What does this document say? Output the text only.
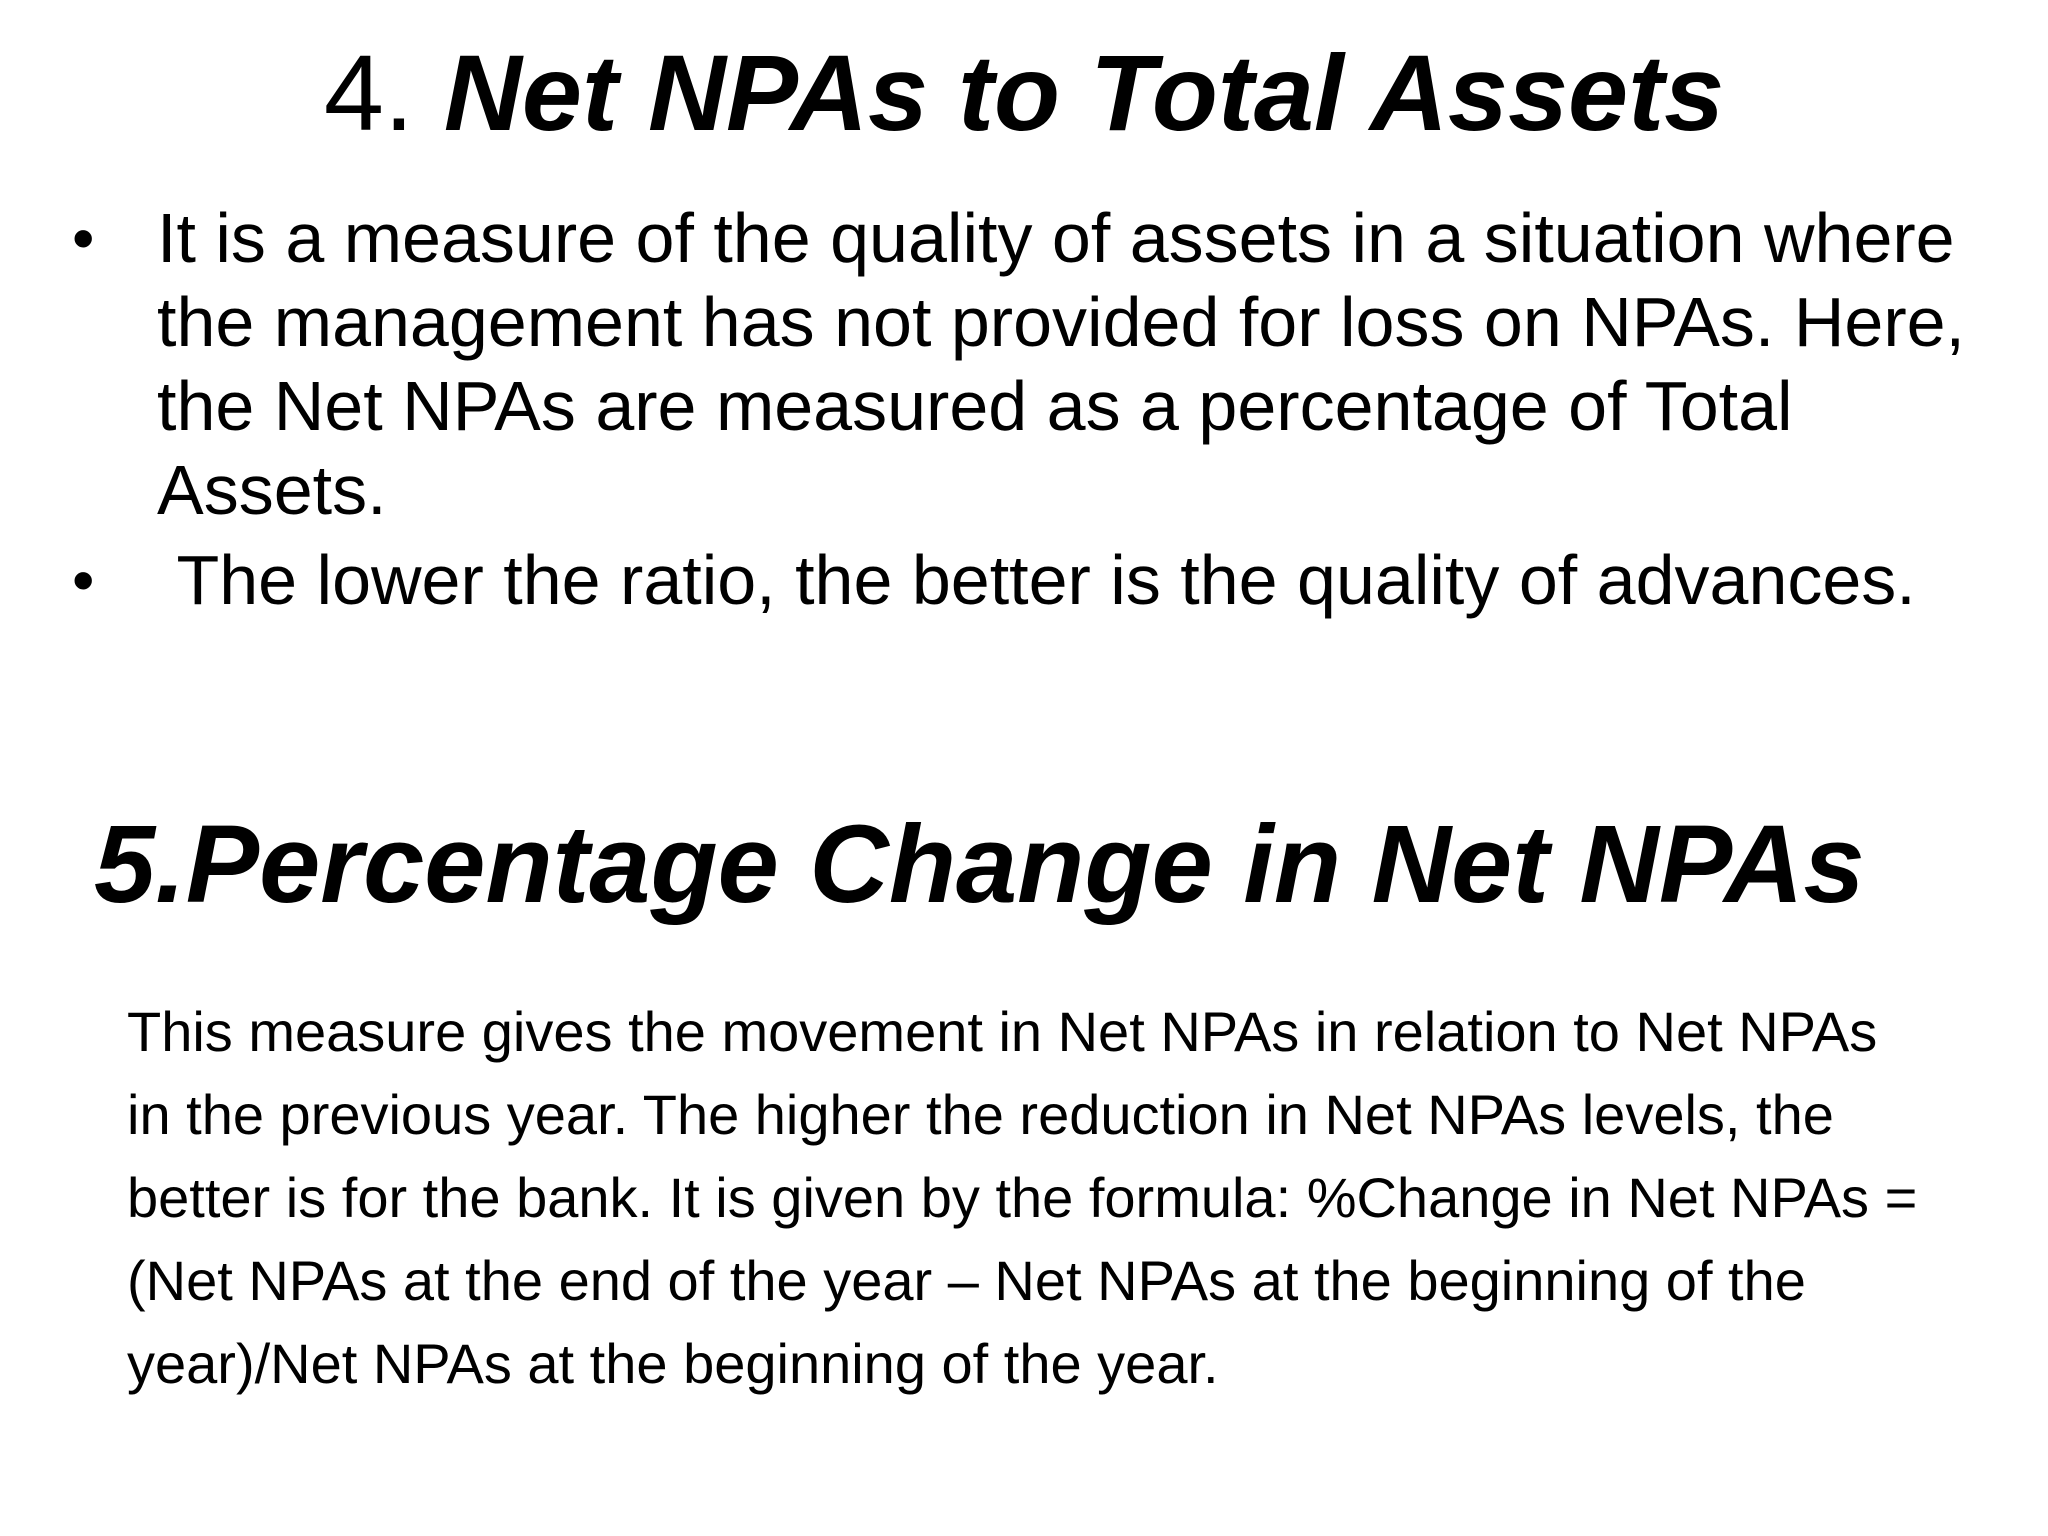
4. Net NPAs to Total Assets
• It is a measure of the quality of assets in a situation where the management has not provided for loss on NPAs. Here, the Net NPAs are measured as a percentage of Total Assets.
• The lower the ratio, the better is the quality of advances.
5.Percentage Change in Net NPAs

This measure gives the movement in Net NPAs in relation to Net NPAs in the previous year. The higher the reduction in Net NPAs levels, the better is for the bank. It is given by the formula: %Change in Net NPAs = (Net NPAs at the end of the year – Net NPAs at the beginning of the year)/Net NPAs at the beginning of the year.
